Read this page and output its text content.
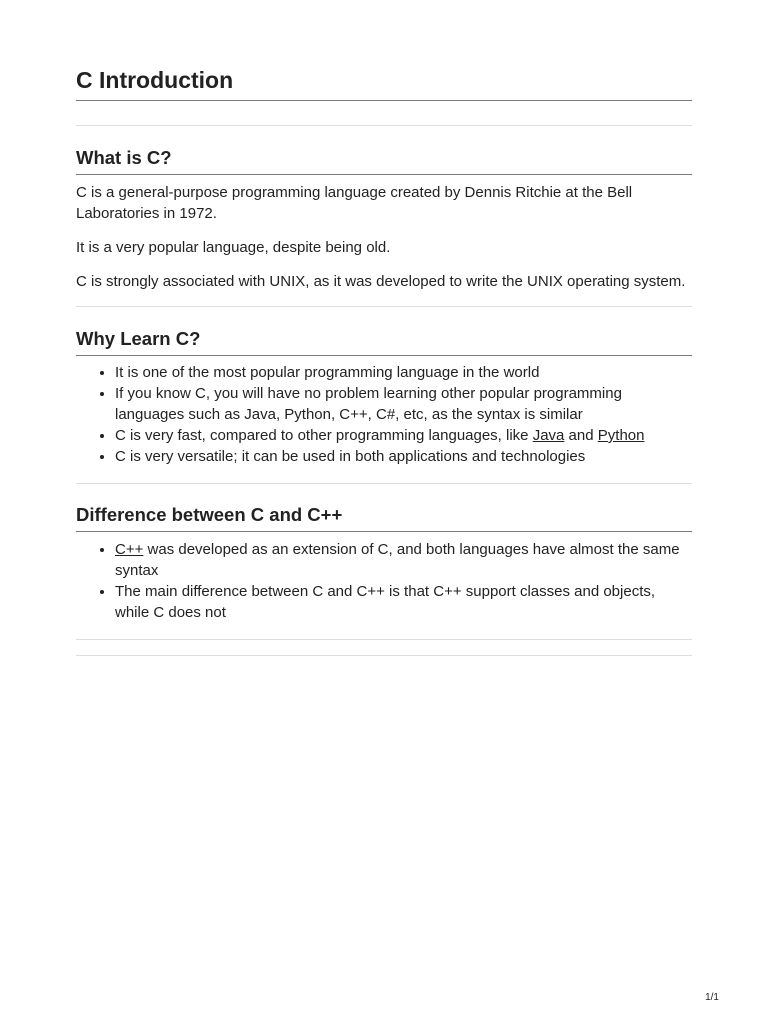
C Introduction
What is C?

C is a general-purpose programming language created by Dennis Ritchie at the Bell Laboratories in 1972.

It is a very popular language, despite being old.

C is strongly associated with UNIX, as it was developed to write the UNIX operating system.

Why Learn C?
• It is one of the most popular programming language in the world
• If you know C, you will have no problem learning other popular programming languages such as Java, Python, C++, C#, etc, as the syntax is similar
• C is very fast, compared to other programming languages, like Java and Python
• C is very versatile; it can be used in both applications and technologies
Difference between C and C++
• C++ was developed as an extension of C, and both languages have almost the same syntax
• The main difference between C and C++ is that C++ support classes and objects, while C does not
1/1
